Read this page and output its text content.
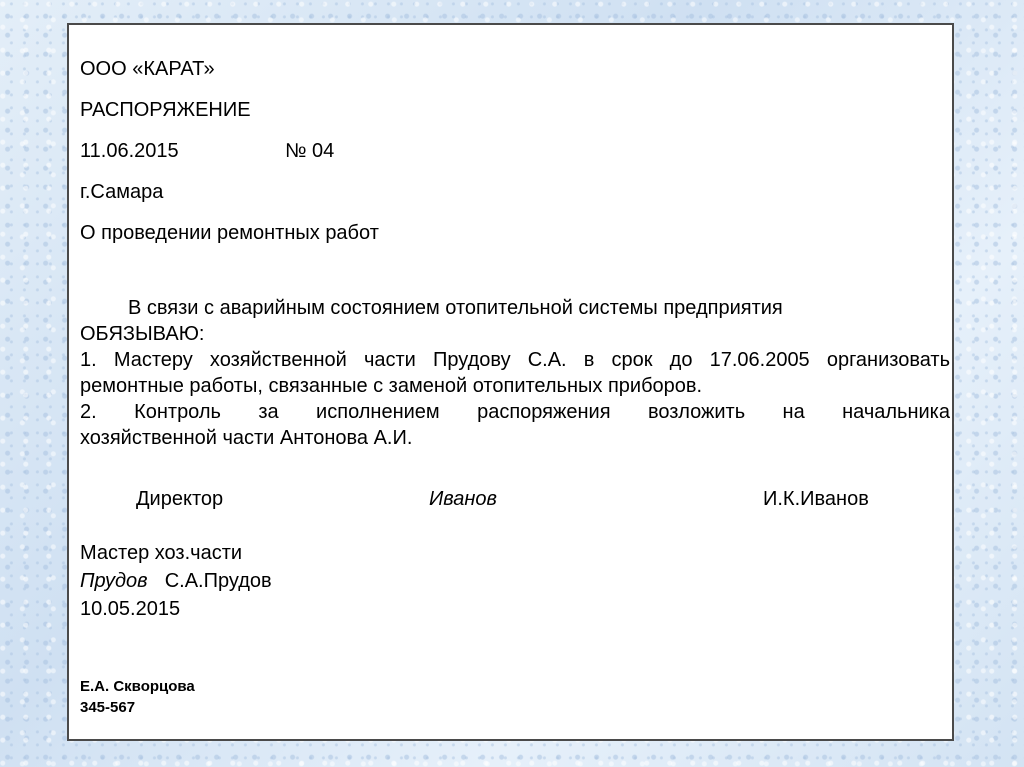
ООО «КАРАТ»
РАСПОРЯЖЕНИЕ
11.06.2015	№ 04
г.Самара
О проведении ремонтных работ

В связи с аварийным состоянием отопительной системы предприятия

ОБЯЗЫВАЮ:

1. Мастеру хозяйственной части Прудову С.А. в срок до 17.06.2005 организовать

ремонтные работы, связанные с заменой отопительных приборов.

2. Контроль за исполнением распоряжения возложить на начальника

хозяйственной части Антонова А.И.

Директор	Иванов	И.К.Иванов
Мастер хоз.части
Прудов С.А.Прудов
10.05.2015
Е.А. Скворцова
345-567
